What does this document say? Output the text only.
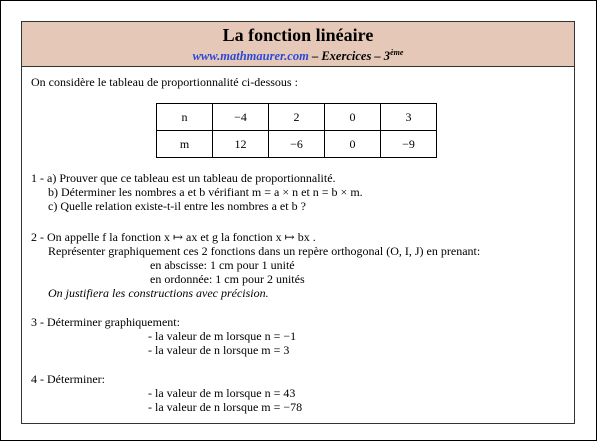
La fonction linéaire
www.mathmaurer.com – Exercices – 3ème
On considère le tableau de proportionnalité ci-dessous :
n	−4	2	0	3
m	12	−6	0	−9
1 - a) Prouver que ce tableau est un tableau de proportionnalité.
b) Déterminer les nombres a et b vérifiant m = a × n et n = b × m.
c) Quelle relation existe-t-il entre les nombres a et b ?
2 - On appelle f la fonction x ↦ ax et g la fonction x ↦ bx .
Représenter graphiquement ces 2 fonctions dans un repère orthogonal (O, I, J) en prenant:
en abscisse: 1 cm pour 1 unité
en ordonnée: 1 cm pour 2 unités
On justifiera les constructions avec précision.
3 - Déterminer graphiquement:
- la valeur de m lorsque n = −1
- la valeur de n lorsque m = 3
4 - Déterminer:
- la valeur de m lorsque n = 43
- la valeur de n lorsque m = −78
